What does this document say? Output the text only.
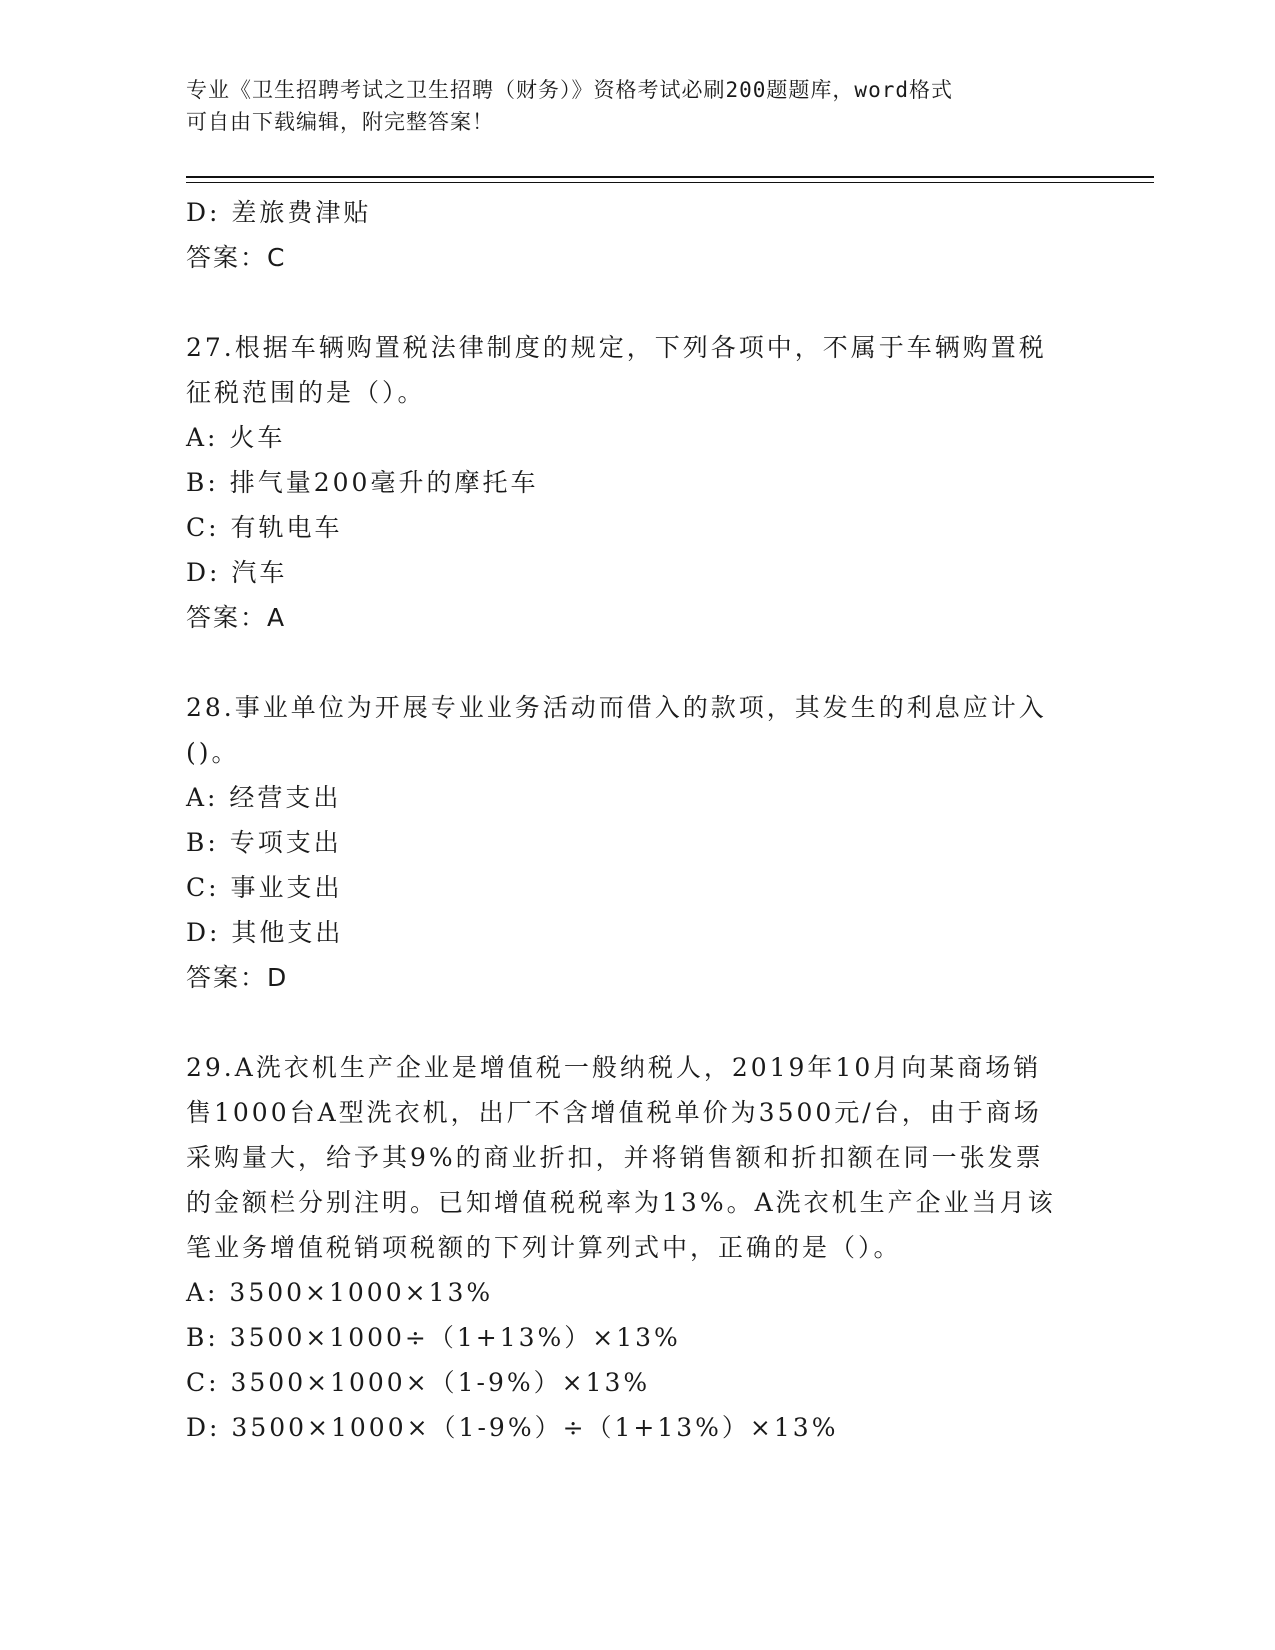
专业《卫生招聘考试之卫生招聘（财务）》资格考试必刷200题题库，word格式
可自由下载编辑，附完整答案！
D: 差旅费津贴
答案：C
27.根据车辆购置税法律制度的规定，下列各项中，不属于车辆购置税
征税范围的是（）。
A: 火车
B: 排气量200毫升的摩托车
C: 有轨电车
D: 汽车
答案：A
28.事业单位为开展专业业务活动而借入的款项，其发生的利息应计入
()。
A: 经营支出
B: 专项支出
C: 事业支出
D: 其他支出
答案：D
29.A洗衣机生产企业是增值税一般纳税人，2019年10月向某商场销
售1000台A型洗衣机，出厂不含增值税单价为3500元/台，由于商场
采购量大，给予其9%的商业折扣，并将销售额和折扣额在同一张发票
的金额栏分别注明。已知增值税税率为13%。A洗衣机生产企业当月该
笔业务增值税销项税额的下列计算列式中，正确的是（）。
A: 3500×1000×13%
B: 3500×1000÷（1+13%）×13%
C: 3500×1000×（1-9%）×13%
D: 3500×1000×（1-9%）÷（1+13%）×13%
